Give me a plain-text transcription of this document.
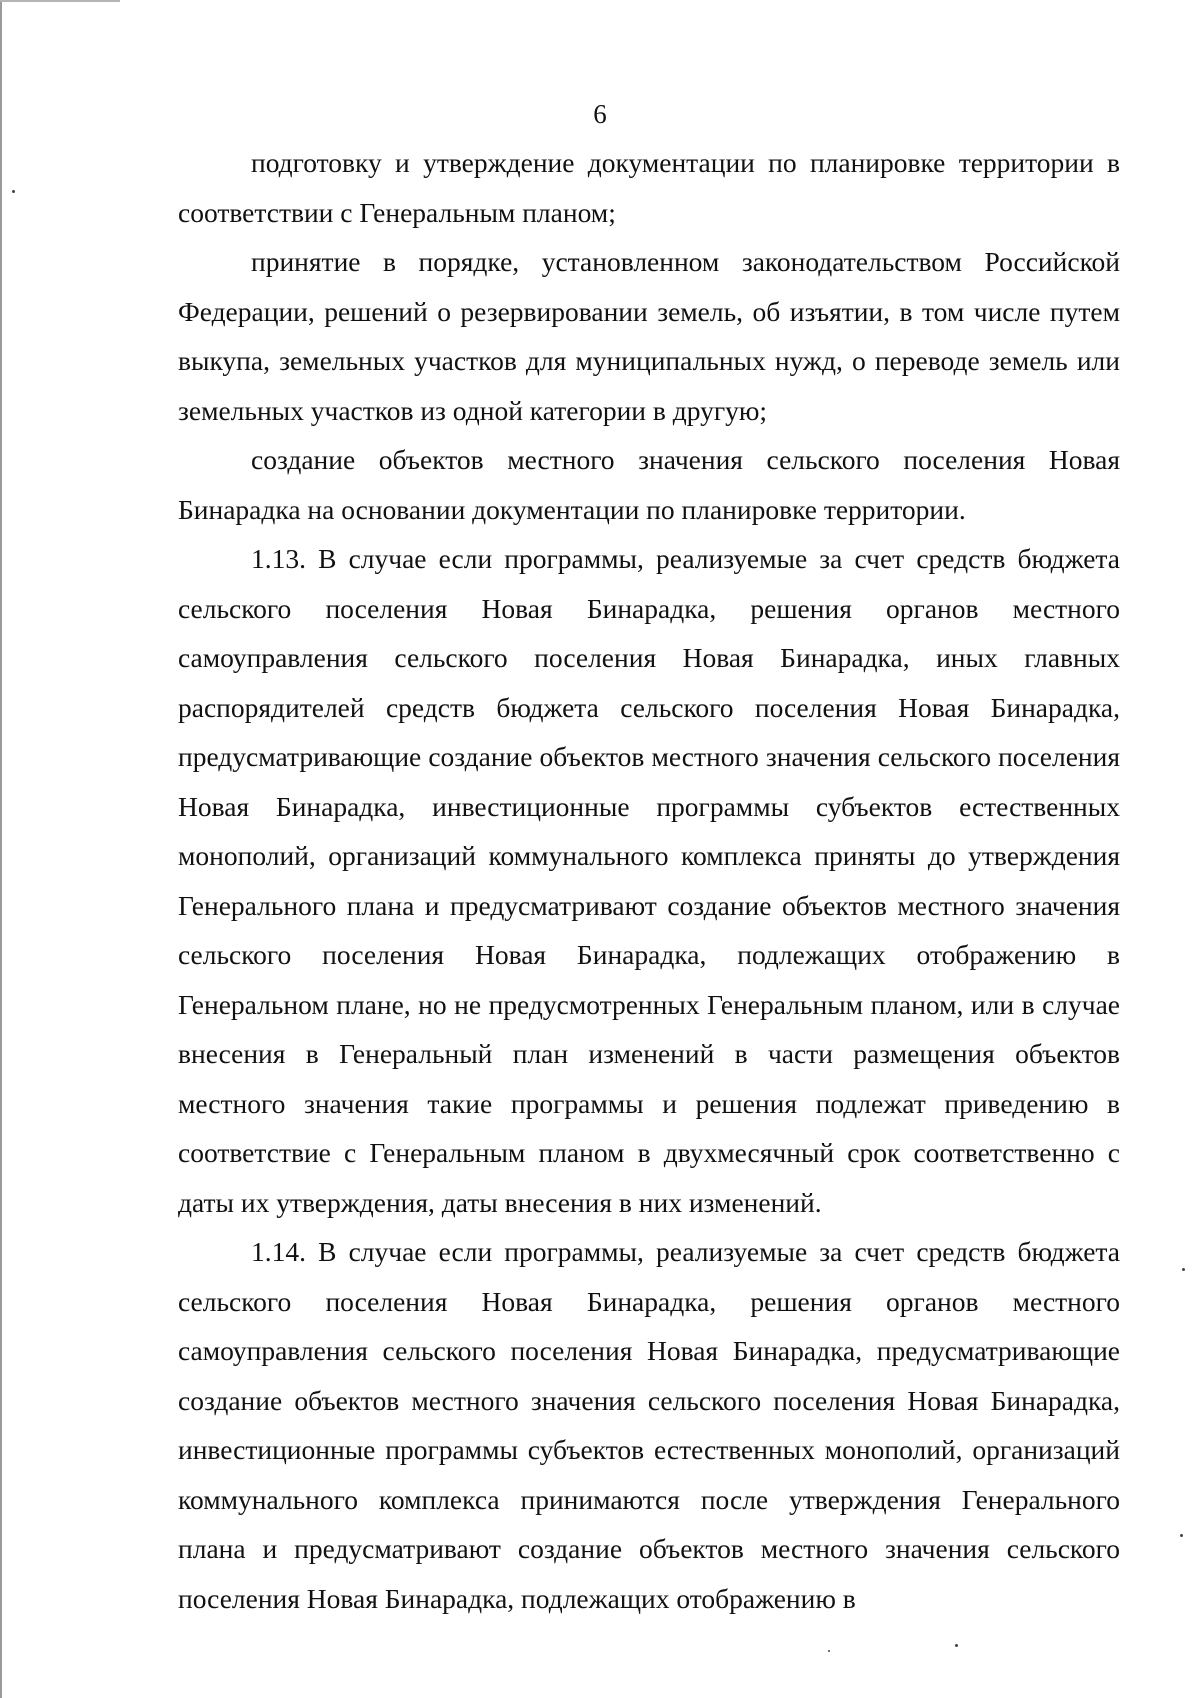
6

подготовку и утверждение документации по планировке территории в соответствии с Генеральным планом;

принятие в порядке, установленном законодательством Российской Федерации, решений о резервировании земель, об изъятии, в том числе путем выкупа, земельных участков для муниципальных нужд, о переводе земель или земельных участков из одной категории в другую;

создание объектов местного значения сельского поселения Новая Бинарадка на основании документации по планировке территории.

1.13. В случае если программы, реализуемые за счет средств бюджета сельского поселения Новая Бинарадка, решения органов местного самоуправления сельского поселения Новая Бинарадка, иных главных распорядителей средств бюджета сельского поселения Новая Бинарадка, предусматривающие создание объектов местного значения сельского поселения Новая Бинарадка, инвестиционные программы субъектов естественных монополий, организаций коммунального комплекса приняты до утверждения Генерального плана и предусматривают создание объектов местного значения сельского поселения Новая Бинарадка, подлежащих отображению в Генеральном плане, но не предусмотренных Генеральным планом, или в случае внесения в Генеральный план изменений в части размещения объектов местного значения такие программы и решения подлежат приведению в соответствие с Генеральным планом в двухмесячный срок соответственно с даты их утверждения, даты внесения в них изменений.

1.14. В случае если программы, реализуемые за счет средств бюджета сельского поселения Новая Бинарадка, решения органов местного самоуправления сельского поселения Новая Бинарадка, предусматривающие создание объектов местного значения сельского поселения Новая Бинарадка, инвестиционные программы субъектов естественных монополий, организаций коммунального комплекса принимаются после утверждения Генерального плана и предусматривают создание объектов местного значения сельского поселения Новая Бинарадка, подлежащих отображению в
